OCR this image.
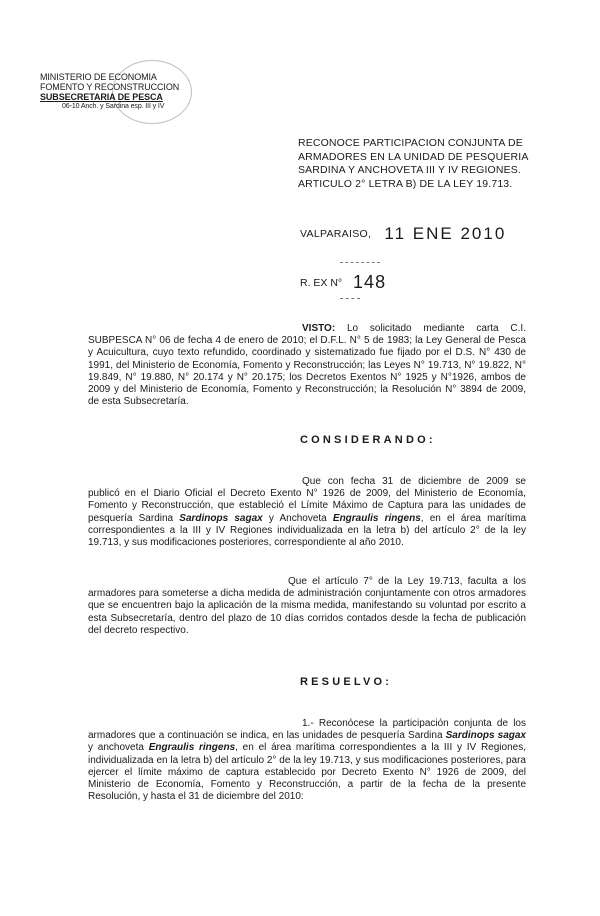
MINISTERIO DE ECONOMIA
FOMENTO Y RECONSTRUCCION
SUBSECRETARIA DE PESCA
06-10 Anch. y Sardina esp. III y IV
RECONOCE PARTICIPACION CONJUNTA DE ARMADORES EN LA UNIDAD DE PESQUERIA SARDINA Y ANCHOVETA III Y IV REGIONES. ARTICULO 2° LETRA B) DE LA LEY 19.713.
VALPARAISO, 11 ENE 2010
R. EX N° 148

VISTO: Lo solicitado mediante carta C.I. SUBPESCA N° 06 de fecha 4 de enero de 2010; el D.F.L. N° 5 de 1983; la Ley General de Pesca y Acuicultura, cuyo texto refundido, coordinado y sistematizado fue fijado por el D.S. N° 430 de 1991, del Ministerio de Economía, Fomento y Reconstrucción; las Leyes N° 19.713, N° 19.822, N° 19.849, N° 19.880, N° 20.174 y N° 20.175; los Decretos Exentos N° 1925 y N°1926, ambos de 2009 y del Ministerio de Economía, Fomento y Reconstrucción; la Resolución N° 3894 de 2009, de esta Subsecretaría.

CONSIDERANDO:

Que con fecha 31 de diciembre de 2009 se publicó en el Diario Oficial el Decreto Exento N° 1926 de 2009, del Ministerio de Economía, Fomento y Reconstrucción, que estableció el Límite Máximo de Captura para las unidades de pesquería Sardina Sardinops sagax y Anchoveta Engraulis ringens, en el área marítima correspondientes a la III y IV Regiones individualizada en la letra b) del artículo 2° de la ley 19.713, y sus modificaciones posteriores, correspondiente al año 2010.

Que el artículo 7° de la Ley 19.713, faculta a los armadores para someterse a dicha medida de administración conjuntamente con otros armadores que se encuentren bajo la aplicación de la misma medida, manifestando su voluntad por escrito a esta Subsecretaría, dentro del plazo de 10 días corridos contados desde la fecha de publicación del decreto respectivo.

RESUELVO:

1.- Reconócese la participación conjunta de los armadores que a continuación se indica, en las unidades de pesquería Sardina Sardinops sagax y anchoveta Engraulis ringens, en el área marítima correspondientes a la III y IV Regiones, individualizada en la letra b) del artículo 2° de la ley 19.713, y sus modificaciones posteriores, para ejercer el límite máximo de captura establecido por Decreto Exento N° 1926 de 2009, del Ministerio de Economía, Fomento y Reconstrucción, a partir de la fecha de la presente Resolución, y hasta el 31 de diciembre del 2010:
